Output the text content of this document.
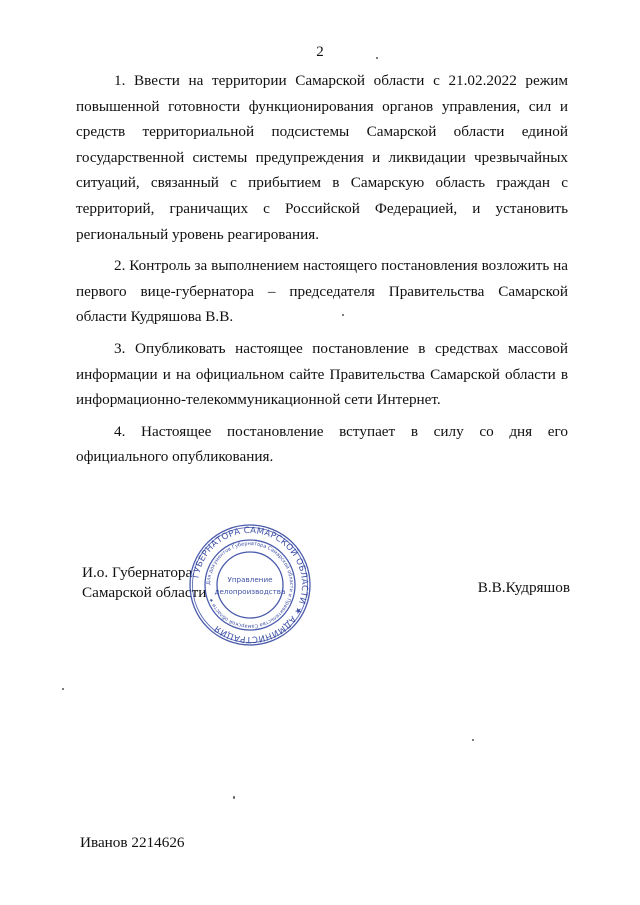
2

1. Ввести на территории Самарской области с 21.02.2022 режим повышенной готовности функционирования органов управления, сил и средств территориальной подсистемы Самарской области единой государственной системы предупреждения и ликвидации чрезвычайных ситуаций, связанный с прибытием в Самарскую область граждан с территорий, граничащих с Российской Федерацией, и установить региональный уровень реагирования.

2. Контроль за выполнением настоящего постановления возложить на первого вице-губернатора – председателя Правительства Самарской области Кудряшова В.В.

3. Опубликовать настоящее постановление в средствах массовой информации и на официальном сайте Правительства Самарской области в информационно-телекоммуникационной сети Интернет.

4. Настоящее постановление вступает в силу со дня его официального опубликования.

И.о. Губернатора
Самарской области
ГУБЕРНАТОРА САМАРСКОЙ ОБЛАСТИ ★ АДМИНИСТРАЦИЯ
Для документов Губернатора Самарской области и Правительства Самарской области ★
Управление
делопроизводства	В.В.Кудряшов
Иванов 2214626
